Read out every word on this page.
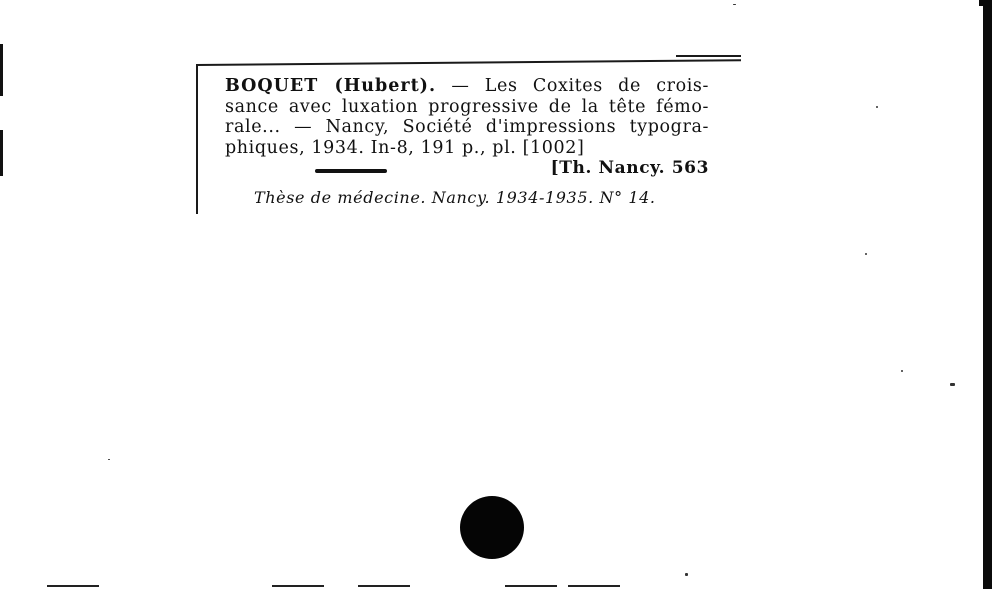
BOQUET (Hubert). — Les Coxites de crois-
sance avec luxation progressive de la tête fémo-
rale... — Nancy, Société d'impressions typogra-
phiques, 1934. In-8, 191 p., pl. [1002]
[Th. Nancy. 563
Thèse de médecine. Nancy. 1934-1935. N° 14.
